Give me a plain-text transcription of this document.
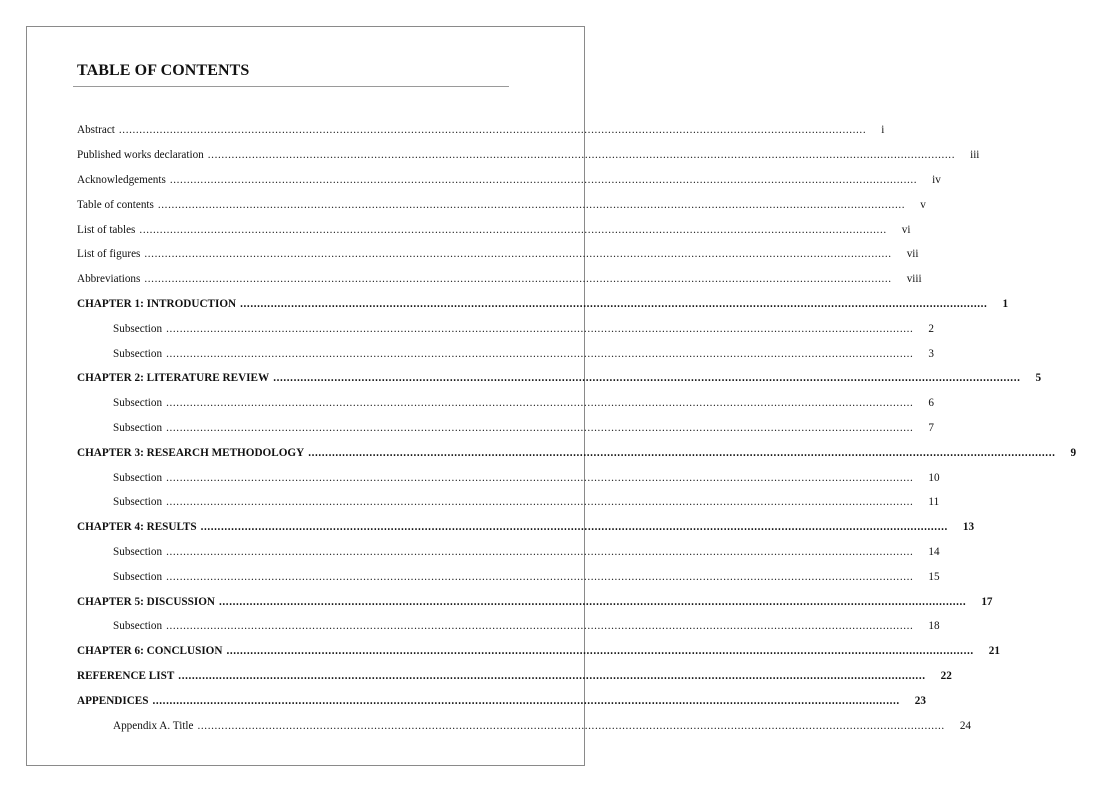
TABLE OF CONTENTS
Abstract ............................................................................................................................................................................................................................	i
Published works declaration ............................................................................................................................................................................................................................	iii
Acknowledgements ............................................................................................................................................................................................................................	iv
Table of contents ............................................................................................................................................................................................................................	v
List of tables ............................................................................................................................................................................................................................	vi
List of figures ............................................................................................................................................................................................................................	vii
Abbreviations ............................................................................................................................................................................................................................	viii
CHAPTER 1: INTRODUCTION ............................................................................................................................................................................................................................	1
Subsection ............................................................................................................................................................................................................................	2
Subsection ............................................................................................................................................................................................................................	3
CHAPTER 2: LITERATURE REVIEW ............................................................................................................................................................................................................................	5
Subsection ............................................................................................................................................................................................................................	6
Subsection ............................................................................................................................................................................................................................	7
CHAPTER 3: RESEARCH METHODOLOGY ............................................................................................................................................................................................................................	9
Subsection ............................................................................................................................................................................................................................	10
Subsection ............................................................................................................................................................................................................................	11
CHAPTER 4: RESULTS ............................................................................................................................................................................................................................	13
Subsection ............................................................................................................................................................................................................................	14
Subsection ............................................................................................................................................................................................................................	15
CHAPTER 5: DISCUSSION ............................................................................................................................................................................................................................	17
Subsection ............................................................................................................................................................................................................................	18
CHAPTER 6: CONCLUSION ............................................................................................................................................................................................................................	21
REFERENCE LIST ............................................................................................................................................................................................................................	22
APPENDICES ............................................................................................................................................................................................................................	23
Appendix A. Title ............................................................................................................................................................................................................................	24
